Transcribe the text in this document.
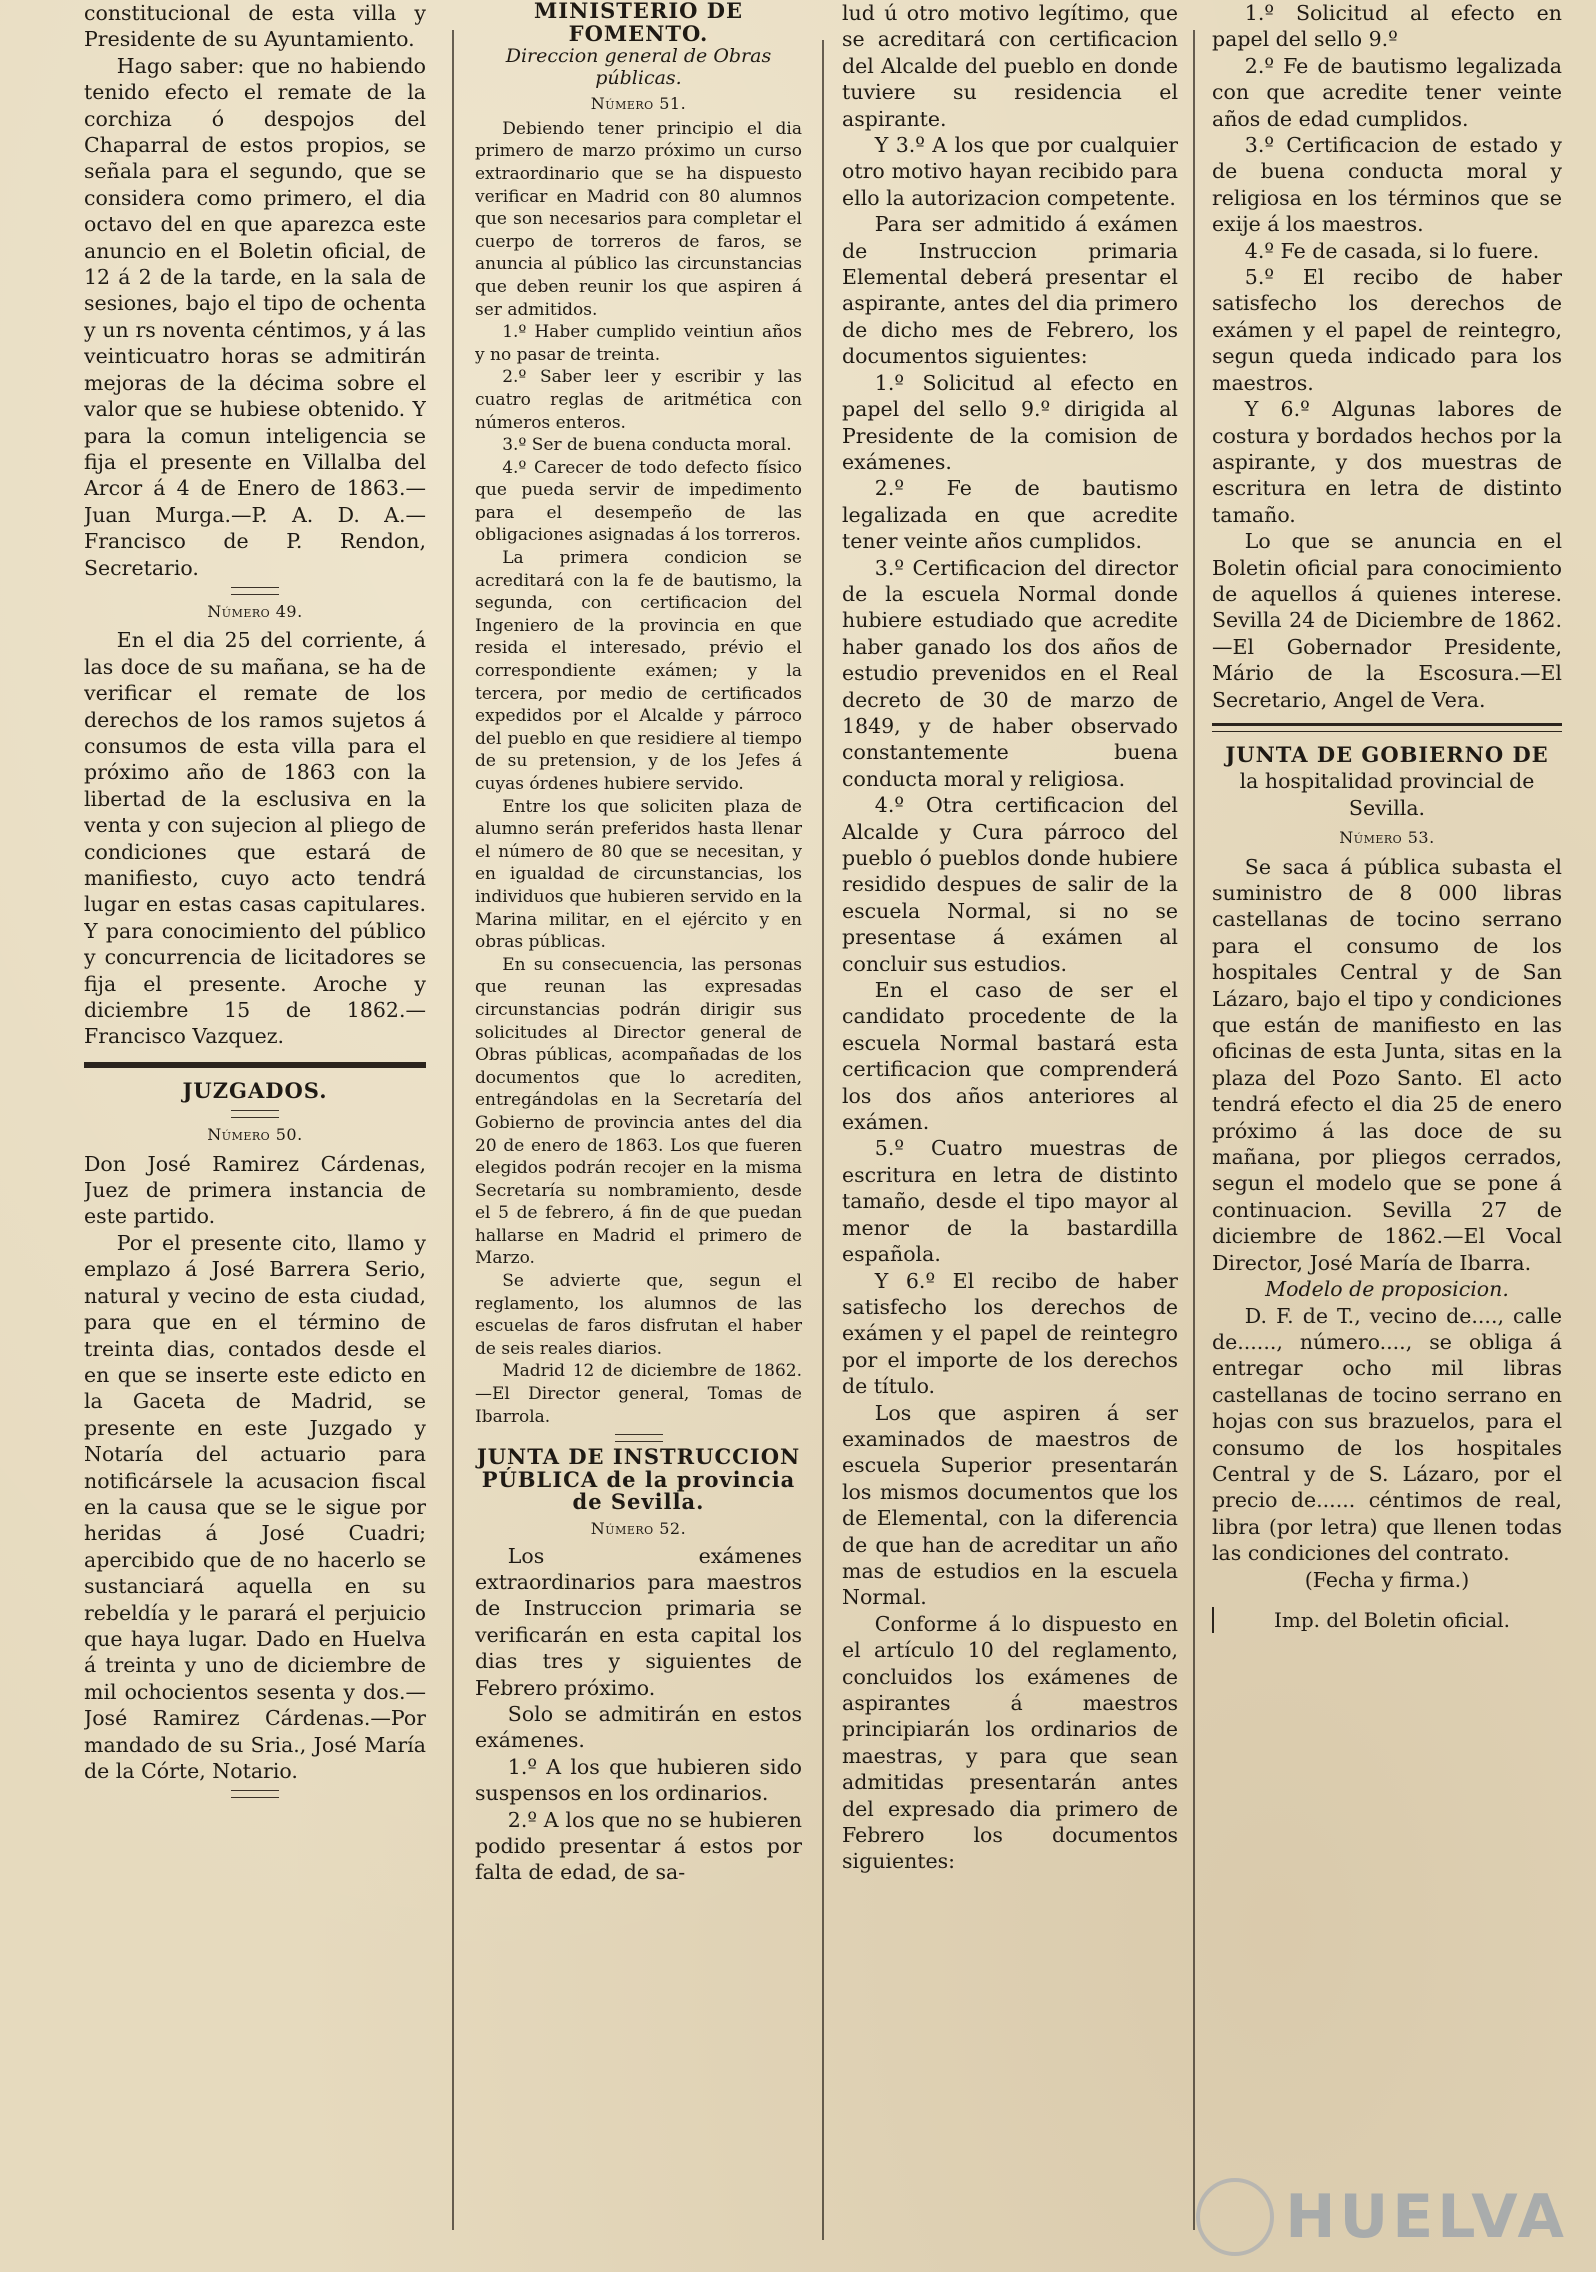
constitucional de esta villa y Presidente de su Ayuntamiento.

Hago saber: que no habiendo tenido efecto el remate de la corchiza ó despojos del Chaparral de estos propios, se señala para el segundo, que se considera como primero, el dia octavo del en que aparezca este anuncio en el Boletin oficial, de 12 á 2 de la tarde, en la sala de sesiones, bajo el tipo de ochenta y un rs noventa céntimos, y á las veinticuatro horas se admitirán mejoras de la décima sobre el valor que se hubiese obtenido. Y para la comun inteligencia se fija el presente en Villalba del Arcor á 4 de Enero de 1863.—Juan Murga.—P. A. D. A.—Francisco de P. Rendon, Secretario.

Número 49.

En el dia 25 del corriente, á las doce de su mañana, se ha de verificar el remate de los derechos de los ramos sujetos á consumos de esta villa para el próximo año de 1863 con la libertad de la esclusiva en la venta y con sujecion al pliego de condiciones que estará de manifiesto, cuyo acto tendrá lugar en estas casas capitulares. Y para conocimiento del público y concurrencia de licitadores se fija el presente. Aroche y diciembre 15 de 1862.—Francisco Vazquez.

JUZGADOS.

Número 50.

Don José Ramirez Cárdenas, Juez de primera instancia de este partido.

Por el presente cito, llamo y emplazo á José Barrera Serio, natural y vecino de esta ciudad, para que en el término de treinta dias, contados desde el en que se inserte este edicto en la Gaceta de Madrid, se presente en este Juzgado y Notaría del actuario para notificársele la acusacion fiscal en la causa que se le sigue por heridas á José Cuadri; apercibido que de no hacerlo se sustanciará aquella en su rebeldía y le parará el perjuicio que haya lugar. Dado en Huelva á treinta y uno de diciembre de mil ochocientos sesenta y dos.—José Ramirez Cárdenas.—Por mandado de su Sria., José María de la Córte, Notario.

MINISTERIO DE FOMENTO.

Direccion general de Obras públicas.

Número 51.

Debiendo tener principio el dia primero de marzo próximo un curso extraordinario que se ha dispuesto verificar en Madrid con 80 alumnos que son necesarios para completar el cuerpo de torreros de faros, se anuncia al público las circunstancias que deben reunir los que aspiren á ser admitidos.

1.º Haber cumplido veintiun años y no pasar de treinta.

2.º Saber leer y escribir y las cuatro reglas de aritmética con números enteros.

3.º Ser de buena conducta moral.

4.º Carecer de todo defecto físico que pueda servir de impedimento para el desempeño de las obligaciones asignadas á los torreros.

La primera condicion se acreditará con la fe de bautismo, la segunda, con certificacion del Ingeniero de la provincia en que resida el interesado, prévio el correspondiente exámen; y la tercera, por medio de certificados expedidos por el Alcalde y párroco del pueblo en que residiere al tiempo de su pretension, y de los Jefes á cuyas órdenes hubiere servido.

Entre los que soliciten plaza de alumno serán preferidos hasta llenar el número de 80 que se necesitan, y en igualdad de circunstancias, los individuos que hubieren servido en la Marina militar, en el ejército y en obras públicas.

En su consecuencia, las personas que reunan las expresadas circunstancias podrán dirigir sus solicitudes al Director general de Obras públicas, acompañadas de los documentos que lo acrediten, entregándolas en la Secretaría del Gobierno de provincia antes del dia 20 de enero de 1863. Los que fueren elegidos podrán recojer en la misma Secretaría su nombramiento, desde el 5 de febrero, á fin de que puedan hallarse en Madrid el primero de Marzo.

Se advierte que, segun el reglamento, los alumnos de las escuelas de faros disfrutan el haber de seis reales diarios.

Madrid 12 de diciembre de 1862.—El Director general, Tomas de Ibarrola.

JUNTA DE INSTRUCCION PÚBLICA de la provincia de Sevilla.

Número 52.

Los exámenes extraordinarios para maestros de Instruccion primaria se verificarán en esta capital los dias tres y siguientes de Febrero próximo.

Solo se admitirán en estos exámenes.

1.º A los que hubieren sido suspensos en los ordinarios.

2.º A los que no se hubieren podido presentar á estos por falta de edad, de sa-

lud ú otro motivo legítimo, que se acreditará con certificacion del Alcalde del pueblo en donde tuviere su residencia el aspirante.

Y 3.º A los que por cualquier otro motivo hayan recibido para ello la autorizacion competente.

Para ser admitido á exámen de Instruccion primaria Elemental deberá presentar el aspirante, antes del dia primero de dicho mes de Febrero, los documentos siguientes:

1.º Solicitud al efecto en papel del sello 9.º dirigida al Presidente de la comision de exámenes.

2.º Fe de bautismo legalizada en que acredite tener veinte años cumplidos.

3.º Certificacion del director de la escuela Normal donde hubiere estudiado que acredite haber ganado los dos años de estudio prevenidos en el Real decreto de 30 de marzo de 1849, y de haber observado constantemente buena conducta moral y religiosa.

4.º Otra certificacion del Alcalde y Cura párroco del pueblo ó pueblos donde hubiere residido despues de salir de la escuela Normal, si no se presentase á exámen al concluir sus estudios.

En el caso de ser el candidato procedente de la escuela Normal bastará esta certificacion que comprenderá los dos años anteriores al exámen.

5.º Cuatro muestras de escritura en letra de distinto tamaño, desde el tipo mayor al menor de la bastardilla española.

Y 6.º El recibo de haber satisfecho los derechos de exámen y el papel de reintegro por el importe de los derechos de título.

Los que aspiren á ser examinados de maestros de escuela Superior presentarán los mismos documentos que los de Elemental, con la diferencia de que han de acreditar un año mas de estudios en la escuela Normal.

Conforme á lo dispuesto en el artículo 10 del reglamento, concluidos los exámenes de aspirantes á maestros principiarán los ordinarios de maestras, y para que sean admitidas presentarán antes del expresado dia primero de Febrero los documentos siguientes:

1.º Solicitud al efecto en papel del sello 9.º

2.º Fe de bautismo legalizada con que acredite tener veinte años de edad cumplidos.

3.º Certificacion de estado y de buena conducta moral y religiosa en los términos que se exije á los maestros.

4.º Fe de casada, si lo fuere.

5.º El recibo de haber satisfecho los derechos de exámen y el papel de reintegro, segun queda indicado para los maestros.

Y 6.º Algunas labores de costura y bordados hechos por la aspirante, y dos muestras de escritura en letra de distinto tamaño.

Lo que se anuncia en el Boletin oficial para conocimiento de aquellos á quienes interese. Sevilla 24 de Diciembre de 1862.—El Gobernador Presidente, Mário de la Escosura.—El Secretario, Angel de Vera.

JUNTA DE GOBIERNO DE

la hospitalidad provincial de Sevilla.

Número 53.

Se saca á pública subasta el suministro de 8 000 libras castellanas de tocino serrano para el consumo de los hospitales Central y de San Lázaro, bajo el tipo y condiciones que están de manifiesto en las oficinas de esta Junta, sitas en la plaza del Pozo Santo. El acto tendrá efecto el dia 25 de enero próximo á las doce de su mañana, por pliegos cerrados, segun el modelo que se pone á continuacion. Sevilla 27 de diciembre de 1862.—El Vocal Director, José María de Ibarra.

Modelo de proposicion.

D. F. de T., vecino de...., calle de......, número...., se obliga á entregar ocho mil libras castellanas de tocino serrano en hojas con sus brazuelos, para el consumo de los hospitales Central y de S. Lázaro, por el precio de...... céntimos de real, libra (por letra) que llenen todas las condiciones del contrato.

(Fecha y firma.)

Imp. del Boletin oficial.

HUELVA
